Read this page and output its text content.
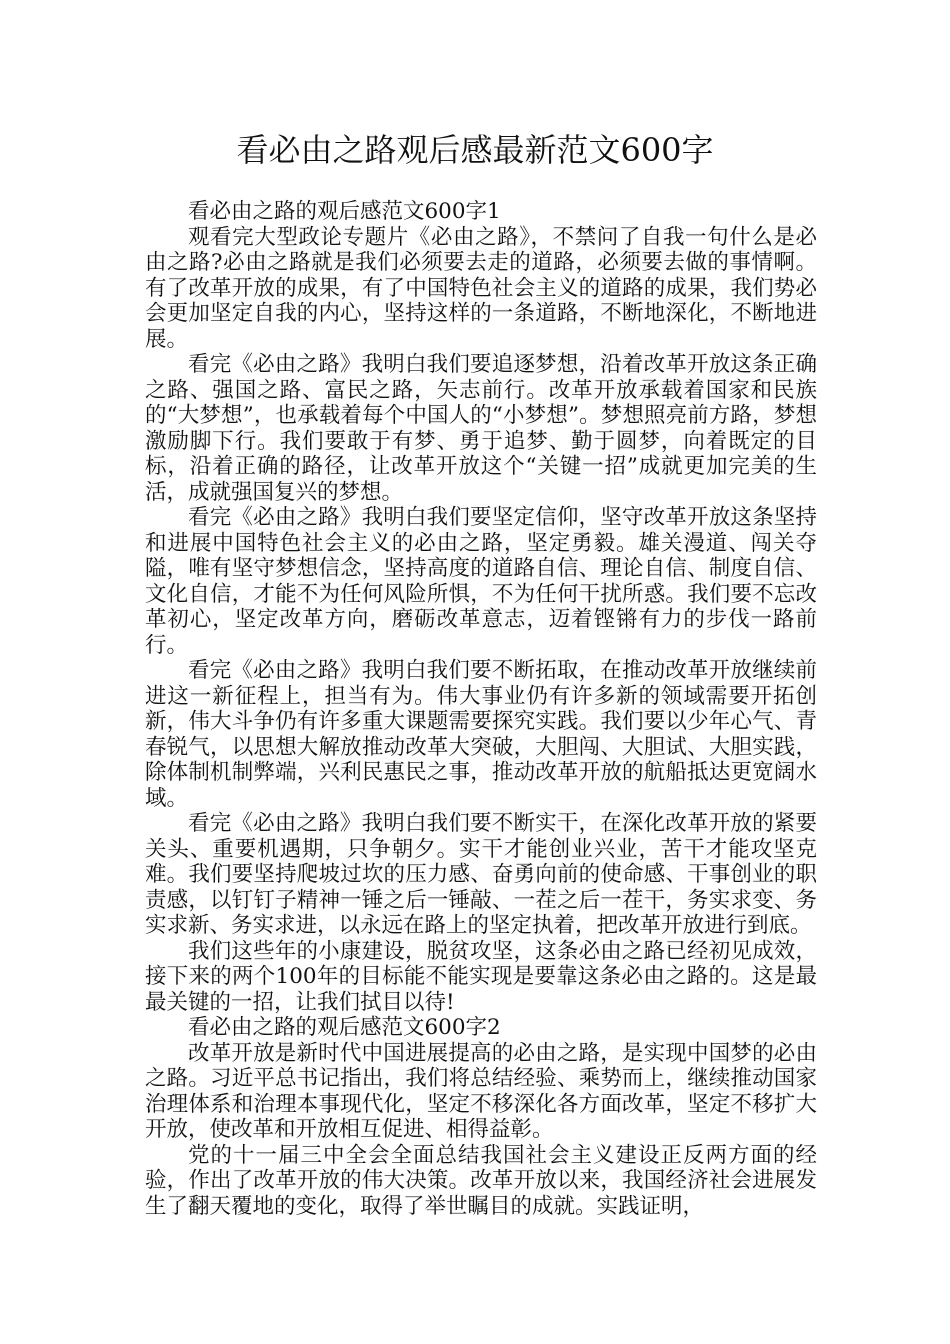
看必由之路观后感最新范文600字

看必由之路的观后感范文600字1

观看完大型政论专题片《必由之路》，不禁问了自我一句什么是必由之路?必由之路就是我们必须要去走的道路，必须要去做的事情啊。有了改革开放的成果，有了中国特色社会主义的道路的成果，我们势必会更加坚定自我的内心，坚持这样的一条道路，不断地深化，不断地进展。

看完《必由之路》我明白我们要追逐梦想，沿着改革开放这条正确之路、强国之路、富民之路，矢志前行。改革开放承载着国家和民族的“大梦想”，也承载着每个中国人的“小梦想”。梦想照亮前方路，梦想激励脚下行。我们要敢于有梦、勇于追梦、勤于圆梦，向着既定的目标，沿着正确的路径，让改革开放这个“关键一招”成就更加完美的生活，成就强国复兴的梦想。

看完《必由之路》我明白我们要坚定信仰，坚守改革开放这条坚持和进展中国特色社会主义的必由之路，坚定勇毅。雄关漫道、闯关夺隘，唯有坚守梦想信念，坚持高度的道路自信、理论自信、制度自信、文化自信，才能不为任何风险所惧，不为任何干扰所惑。我们要不忘改革初心，坚定改革方向，磨砺改革意志，迈着铿锵有力的步伐一路前行。

看完《必由之路》我明白我们要不断拓取，在推动改革开放继续前进这一新征程上，担当有为。伟大事业仍有许多新的领域需要开拓创新，伟大斗争仍有许多重大课题需要探究实践。我们要以少年心气、青春锐气，以思想大解放推动改革大突破，大胆闯、大胆试、大胆实践，除体制机制弊端，兴利民惠民之事，推动改革开放的航船抵达更宽阔水域。

看完《必由之路》我明白我们要不断实干，在深化改革开放的紧要关头、重要机遇期，只争朝夕。实干才能创业兴业，苦干才能攻坚克难。我们要坚持爬坡过坎的压力感、奋勇向前的使命感、干事创业的职责感，以钉钉子精神一锤之后一锤敲、一茬之后一茬干，务实求变、务实求新、务实求进，以永远在路上的坚定执着，把改革开放进行到底。

我们这些年的小康建设，脱贫攻坚，这条必由之路已经初见成效，接下来的两个100年的目标能不能实现是要靠这条必由之路的。这是最最关键的一招，让我们拭目以待!

看必由之路的观后感范文600字2

改革开放是新时代中国进展提高的必由之路，是实现中国梦的必由之路。习近平总书记指出，我们将总结经验、乘势而上，继续推动国家治理体系和治理本事现代化，坚定不移深化各方面改革，坚定不移扩大开放，使改革和开放相互促进、相得益彰。

党的十一届三中全会全面总结我国社会主义建设正反两方面的经验，作出了改革开放的伟大决策。改革开放以来，我国经济社会进展发生了翻天覆地的变化，取得了举世瞩目的成就。实践证明，
